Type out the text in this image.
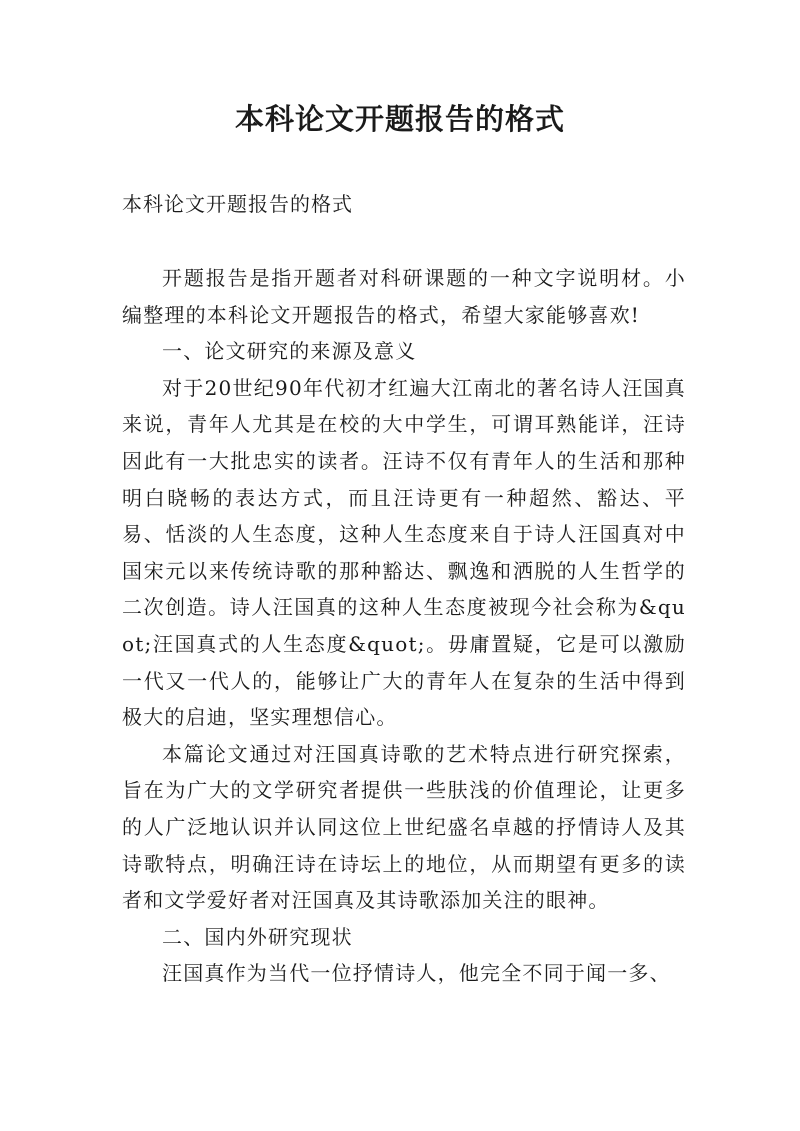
本科论文开题报告的格式
本科论文开题报告的格式

开题报告是指开题者对科研课题的一种文字说明材。小编整理的本科论文开题报告的格式，希望大家能够喜欢!

一、论文研究的来源及意义

对于20世纪90年代初才红遍大江南北的著名诗人汪国真来说，青年人尤其是在校的大中学生，可谓耳熟能详，汪诗因此有一大批忠实的读者。汪诗不仅有青年人的生活和那种明白晓畅的表达方式，而且汪诗更有一种超然、豁达、平易、恬淡的人生态度，这种人生态度来自于诗人汪国真对中国宋元以来传统诗歌的那种豁达、飘逸和洒脱的人生哲学的二次创造。诗人汪国真的这种人生态度被现今社会称为&quot;汪国真式的人生态度&quot;。毋庸置疑，它是可以激励一代又一代人的，能够让广大的青年人在复杂的生活中得到极大的启迪，坚实理想信心。

本篇论文通过对汪国真诗歌的艺术特点进行研究探索，旨在为广大的文学研究者提供一些肤浅的价值理论，让更多的人广泛地认识并认同这位上世纪盛名卓越的抒情诗人及其诗歌特点，明确汪诗在诗坛上的地位，从而期望有更多的读者和文学爱好者对汪国真及其诗歌添加关注的眼神。

二、国内外研究现状

汪国真作为当代一位抒情诗人，他完全不同于闻一多、
